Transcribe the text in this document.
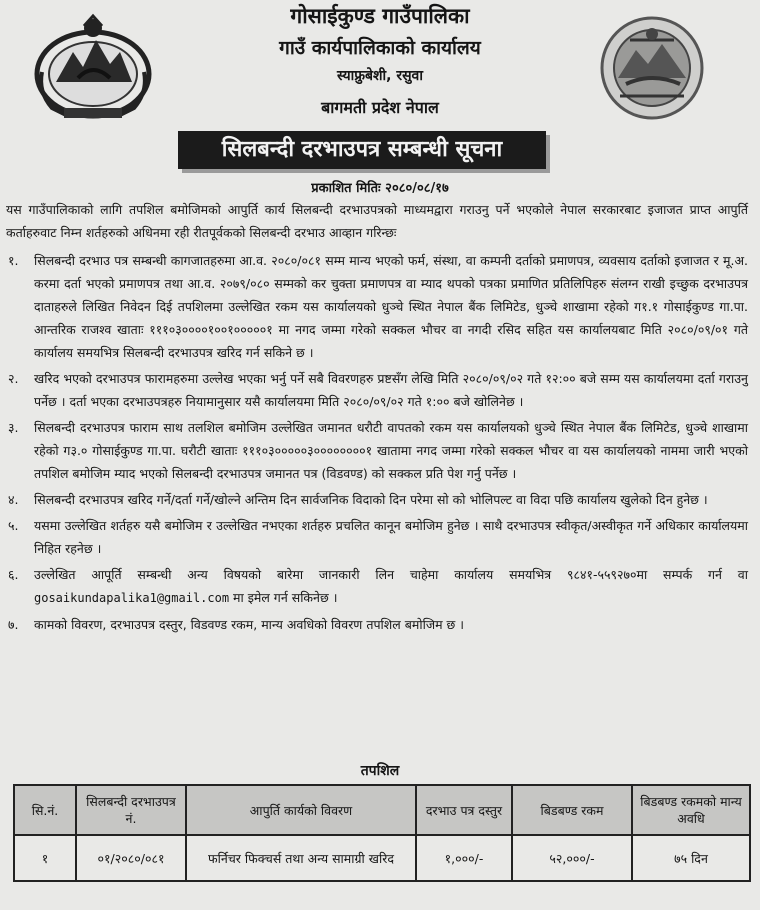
गोसाईकुण्ड गाउँपालिका
गाउँ कार्यपालिकाको कार्यालय
स्याफ्रुबेशी, रसुवा
बागमती प्रदेश नेपाल
सिलबन्दी दरभाउपत्र सम्बन्धी सूचना
प्रकाशित मितिः २०८०/०८/१७
यस गाउँपालिकाको लागि तपशिल बमोजिमको आपुर्ति कार्य सिलबन्दी दरभाउपत्रको माध्यमद्वारा गराउनु पर्ने भएकोले नेपाल सरकारबाट इजाजत प्राप्त आपुर्ति कर्ताहरुवाट निम्न शर्तहरुको अधिनमा रही रीतपूर्वकको सिलबन्दी दरभाउ आव्हान गरिन्छः
१. सिलबन्दी दरभाउ पत्र सम्बन्धी कागजातहरुमा आ.व. २०८०/०८१ सम्म मान्य भएको फर्म, संस्था, वा कम्पनी दर्ताको प्रमाणपत्र, व्यवसाय दर्ताको इजाजत र मू.अ. करमा दर्ता भएको प्रमाणपत्र तथा आ.व. २०७९/०८० सम्मको कर चुक्ता प्रमाणपत्र वा म्याद थपको पत्रका प्रमाणित प्रतिलिपिहरु संलग्न राखी इच्छुक दरभाउपत्र दाताहरुले लिखित निवेदन दिई तपशिलमा उल्लेखित रकम यस कार्यालयको धुञ्चे स्थित नेपाल बैंक लिमिटेड, धुञ्चे शाखामा रहेको ग१.१ गोसाईकुण्ड गा.पा. आन्तरिक राजश्व खाताः १११०३००००१००१०००००१ मा नगद जम्मा गरेको सक्कल भौचर वा नगदी रसिद सहित यस कार्यालयबाट मिति २०८०/०९/०१ गते कार्यालय समयभित्र सिलबन्दी दरभाउपत्र खरिद गर्न सकिने छ ।
२. खरिद भएको दरभाउपत्र फारामहरुमा उल्लेख भएका भर्नु पर्ने सबै विवरणहरु प्रष्टसँग लेखि मिति २०८०/०९/०२ गते १२:०० बजे सम्म यस कार्यालयमा दर्ता गराउनु पर्नेछ । दर्ता भएका दरभाउपत्रहरु नियामानुसार यसै कार्यालयमा मिति २०८०/०९/०२ गते १:०० बजे खोलिनेछ ।
३. सिलबन्दी दरभाउपत्र फाराम साथ तलशिल बमोजिम उल्लेखित जमानत धरौटी वापतको रकम यस कार्यालयको धुञ्चे स्थित नेपाल बैंक लिमिटेड, धुञ्चे शाखामा रहेको ग३.० गोसाईकुण्ड गा.पा. घरौटी खाताः १११०३०००००३००००००००१ खातामा नगद जम्मा गरेको सक्कल भौचर वा यस कार्यालयको नाममा जारी भएको तपशिल बमोजिम म्याद भएको सिलबन्दी दरभाउपत्र जमानत पत्र (विडवण्ड) को सक्कल प्रति पेश गर्नु पर्नेछ ।
४. सिलबन्दी दरभाउपत्र खरिद गर्ने/दर्ता गर्ने/खोल्ने अन्तिम दिन सार्वजनिक विदाको दिन परेमा सो को भोलिपल्ट वा विदा पछि कार्यालय खुलेको दिन हुनेछ ।
५. यसमा उल्लेखित शर्तहरु यसै बमोजिम र उल्लेखित नभएका शर्तहरु प्रचलित कानून बमोजिम हुनेछ । साथै दरभाउपत्र स्वीकृत/अस्वीकृत गर्ने अधिकार कार्यालयमा निहित रहनेछ ।
६. उल्लेखित आपूर्ति सम्बन्धी अन्य विषयको बारेमा जानकारी लिन चाहेमा कार्यालय समयभित्र ९८४१-५५९२७०मा सम्पर्क गर्न वा gosaikundapalika1@gmail.com मा इमेल गर्न सकिनेछ ।
७. कामको विवरण, दरभाउपत्र दस्तुर, विडवण्ड रकम, मान्य अवधिको विवरण तपशिल बमोजिम छ ।
तपशिल
सि.नं.	सिलबन्दी दरभाउपत्र नं.	आपुर्ति कार्यको विवरण	दरभाउ पत्र दस्तुर	बिडबण्ड रकम	बिडबण्ड रकमको मान्य अवधि
१	०१/२०८०/०८१	फर्निचर फिक्चर्स तथा अन्य सामाग्री खरिद	१,०००/-	५२,०००/-	७५ दिन
